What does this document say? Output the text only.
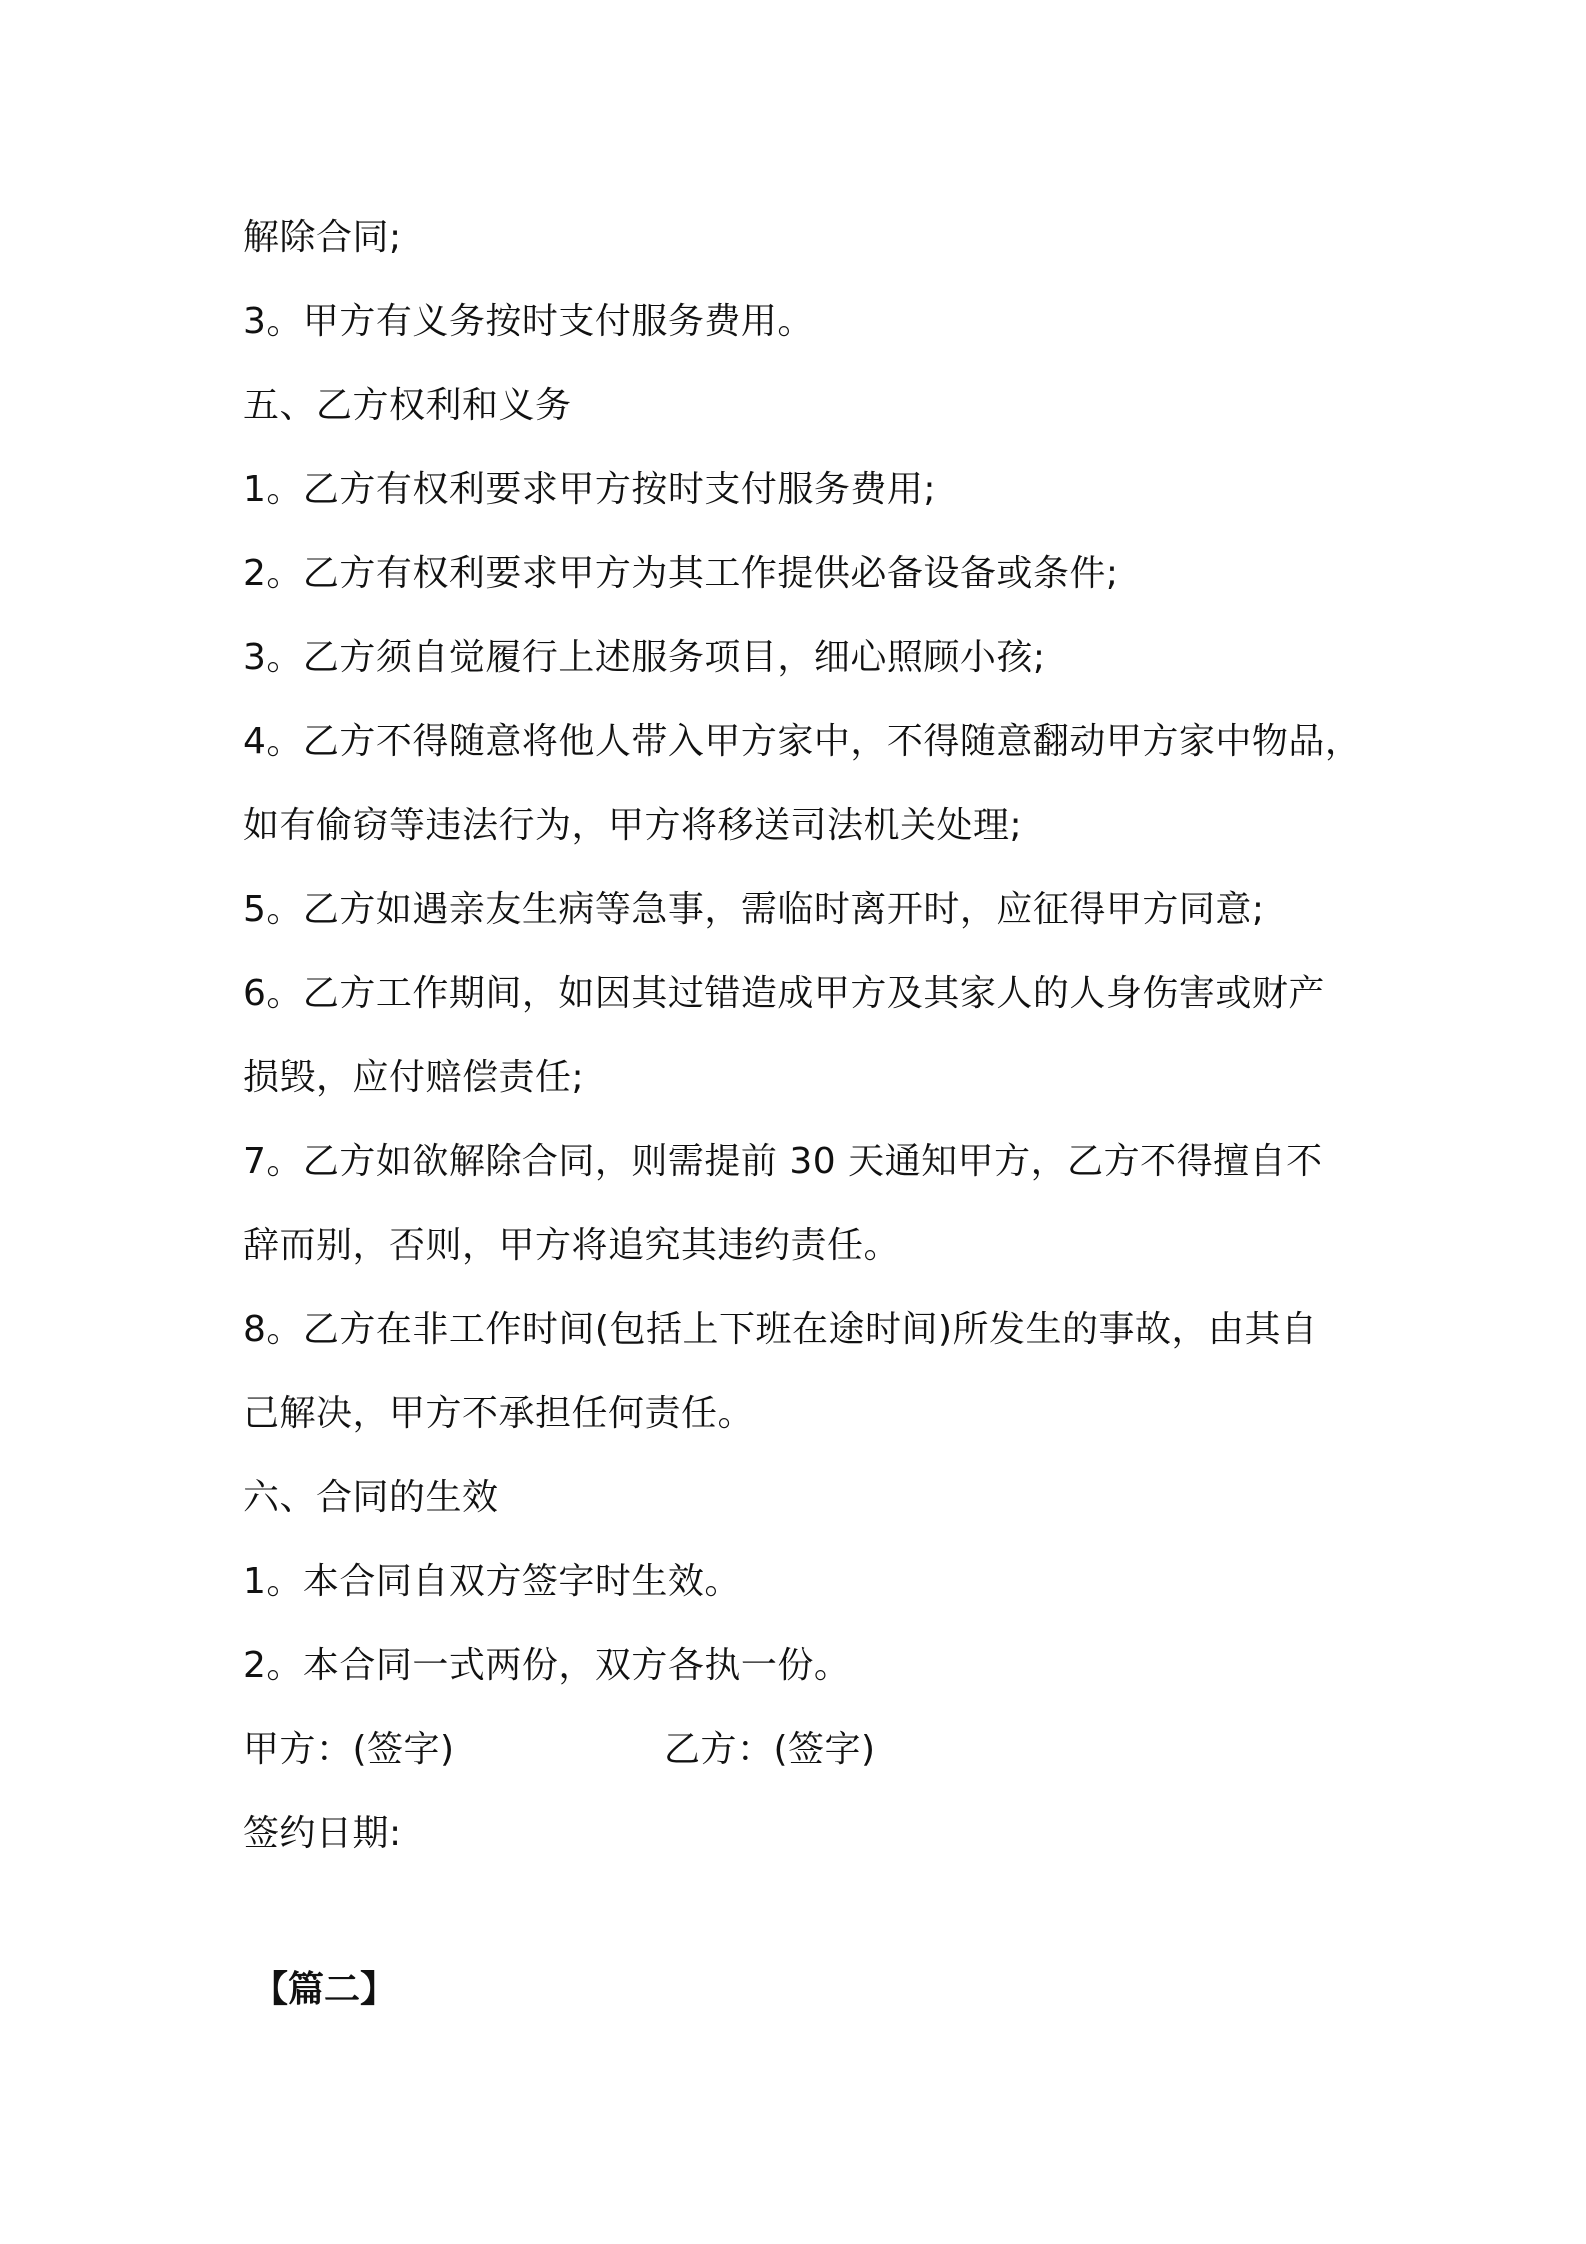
解除合同;
3。甲方有义务按时支付服务费用。
五、乙方权利和义务
1。乙方有权利要求甲方按时支付服务费用;
2。乙方有权利要求甲方为其工作提供必备设备或条件;
3。乙方须自觉履行上述服务项目，细心照顾小孩;
4。乙方不得随意将他人带入甲方家中，不得随意翻动甲方家中物品，
如有偷窃等违法行为，甲方将移送司法机关处理;
5。乙方如遇亲友生病等急事，需临时离开时，应征得甲方同意;
6。乙方工作期间，如因其过错造成甲方及其家人的人身伤害或财产
损毁，应付赔偿责任;
7。乙方如欲解除合同，则需提前 30 天通知甲方，乙方不得擅自不
辞而别，否则，甲方将追究其违约责任。
8。乙方在非工作时间(包括上下班在途时间)所发生的事故，由其自
己解决，甲方不承担任何责任。
六、合同的生效
1。本合同自双方签字时生效。
2。本合同一式两份，双方各执一份。
甲方：(签字)	乙方：(签字)
签约日期:
【篇二】
